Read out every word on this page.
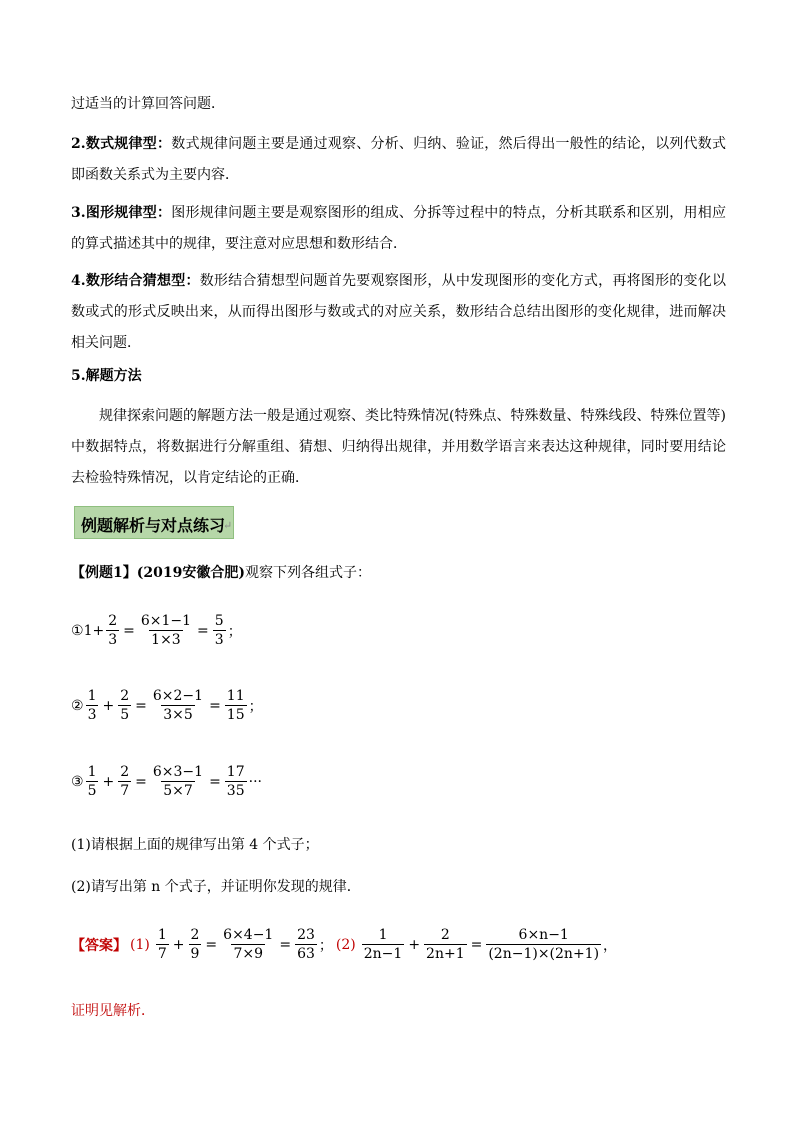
过适当的计算回答问题．

2.数式规律型：数式规律问题主要是通过观察、分析、归纳、验证，然后得出一般性的结论，以列代数式即函数关系式为主要内容．

3.图形规律型：图形规律问题主要是观察图形的组成、分拆等过程中的特点，分析其联系和区别，用相应的算式描述其中的规律，要注意对应思想和数形结合．

4.数形结合猜想型：数形结合猜想型问题首先要观察图形，从中发现图形的变化方式，再将图形的变化以数或式的形式反映出来，从而得出图形与数或式的对应关系，数形结合总结出图形的变化规律，进而解决相关问题．

5.解题方法

规律探索问题的解题方法一般是通过观察、类比特殊情况(特殊点、特殊数量、特殊线段、特殊位置等)中数据特点，将数据进行分解重组、猜想、归纳得出规律，并用数学语言来表达这种规律，同时要用结论去检验特殊情况，以肯定结论的正确．

例题解析与对点练习
↵
【例题1】(2019安徽合肥)观察下列各组式子：
① $1+ \frac{2}{3} = \frac{6\times 1-1}{1\times 3} = \frac{5}{3}$ ；
② $\frac{1}{3} + \frac{2}{5} = \frac{6\times 2-1}{3\times 5} = \frac{11}{15}$ ；
③ $\frac{1}{5} + \frac{2}{7} = \frac{6\times 3-1}{5\times 7} = \frac{17}{35}$ ···
(1)请根据上面的规律写出第 4 个式子；
(2)请写出第 n 个式子，并证明你发现的规律．
【答案】 $(1) \frac{1}{7} + \frac{2}{9} = \frac{6\times 4-1}{7\times 9} = \frac{23}{63}$ ； $(2) \frac{1}{2n-1} + \frac{2}{2n+1} = \frac{6\times n-1}{(2n-1)\times(2n+1)}$ ，
证明见解析．
